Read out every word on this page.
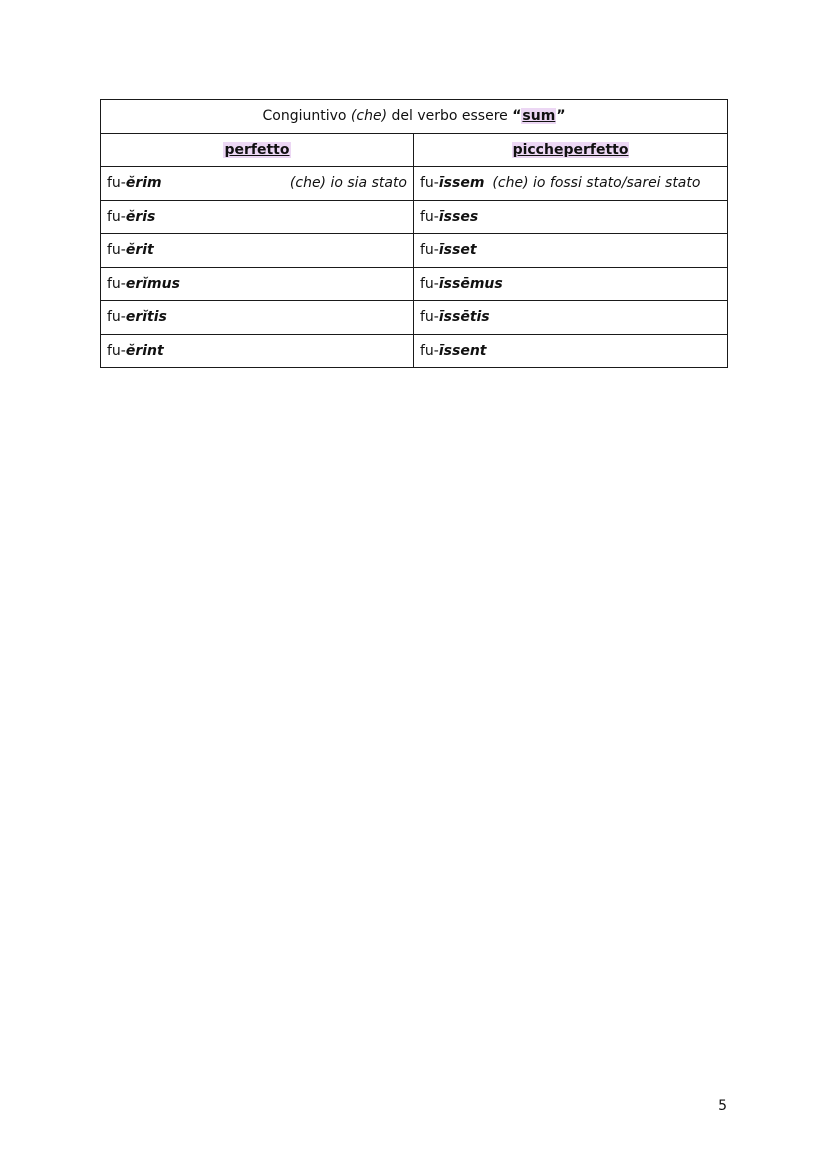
Congiuntivo (che) del verbo essere “sum”	
perfetto	piccheperfetto

fu- ĕrim (che) io sia stato	fu- īssem (che) io fossi stato/sarei stato

fu-ĕris	fu-īsses
fu-ĕrit	fu-īsset
fu-erĭmus	fu-īssēmus
fu-erĭtis	fu-īssētis
fu-ĕrint	fu-īssent
5
